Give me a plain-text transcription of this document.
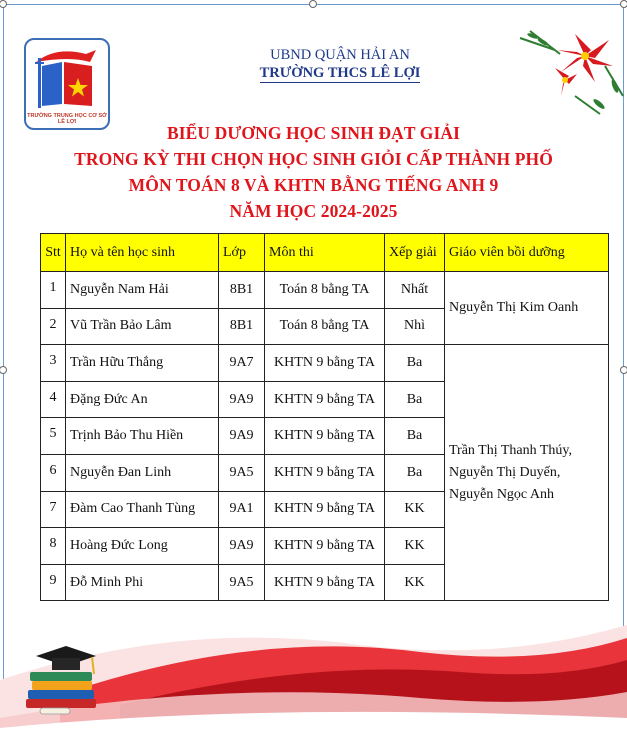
TRƯỜNG TRUNG HỌC CƠ SỞ LÊ LỢI
UBND QUẬN HẢI AN
TRƯỜNG THCS LÊ LỢI
BIỂU DƯƠNG HỌC SINH ĐẠT GIẢI
TRONG KỲ THI CHỌN HỌC SINH GIỎI CẤP THÀNH PHỐ
MÔN TOÁN 8 VÀ KHTN BẰNG TIẾNG ANH 9
NĂM HỌC 2024-2025
Stt	Họ và tên học sinh	Lớp	Môn thi	Xếp giải	Giáo viên bồi dưỡng
1	Nguyễn Nam Hải	8B1	Toán 8 bằng TA	Nhất	Nguyễn Thị Kim Oanh
2	Vũ Trần Bảo Lâm	8B1	Toán 8 bằng TA	Nhì	
3	Trần Hữu Thắng	9A7	KHTN 9 bằng TA	Ba	Trần Thị Thanh Thúy,
Nguyễn Thị Duyến,
Nguyễn Ngọc Anh

4	Đặng Đức An	9A9	KHTN 9 bằng TA	Ba	
5	Trịnh Bảo Thu Hiền	9A9	KHTN 9 bằng TA	Ba	
6	Nguyễn Đan Linh	9A5	KHTN 9 bằng TA	Ba	
7	Đàm Cao Thanh Tùng	9A1	KHTN 9 bằng TA	KK	
8	Hoàng Đức Long	9A9	KHTN 9 bằng TA	KK	
9	Đỗ Minh Phi	9A5	KHTN 9 bằng TA	KK	
